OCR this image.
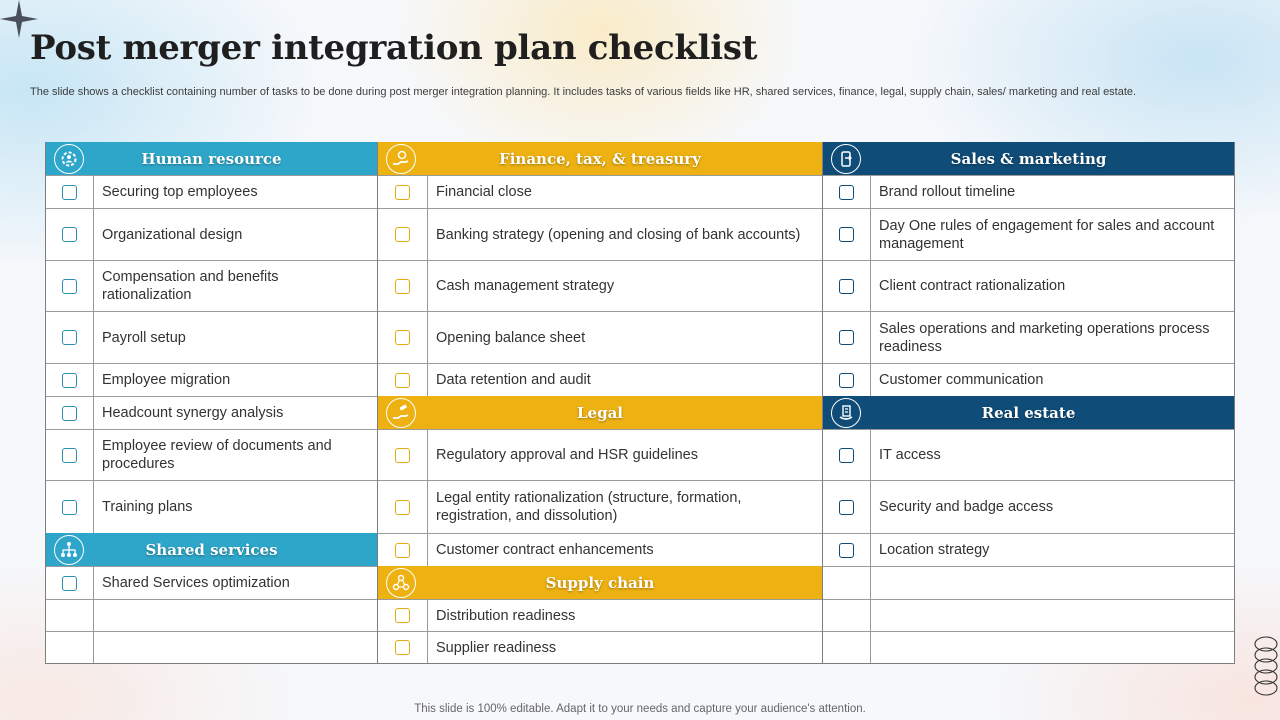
Post merger integration plan checklist
The slide shows a checklist containing number of tasks to be done during post merger integration planning. It includes tasks of various fields like HR, shared services, finance, legal, supply chain, sales/ marketing and real estate.
Human resource
Securing top employees
Organizational design
Compensation and benefits rationalization
Payroll setup
Employee migration
Headcount synergy analysis
Employee review of documents and procedures
Training plans
Shared services
Shared Services optimization
Finance, tax, & treasury
Financial close
Banking strategy (opening and closing of bank accounts)
Cash management strategy
Opening balance sheet
Data retention and audit
Legal
Regulatory approval and HSR guidelines
Legal entity rationalization (structure, formation, registration, and dissolution)
Customer contract enhancements
Supply chain
Distribution readiness
Supplier readiness
Sales & marketing
Brand rollout timeline
Day One rules of engagement for sales and account management
Client contract rationalization
Sales operations and marketing operations process readiness
Customer communication
Real estate
IT access
Security and badge access
Location strategy
This slide is 100% editable. Adapt it to your needs and capture your audience's attention.
